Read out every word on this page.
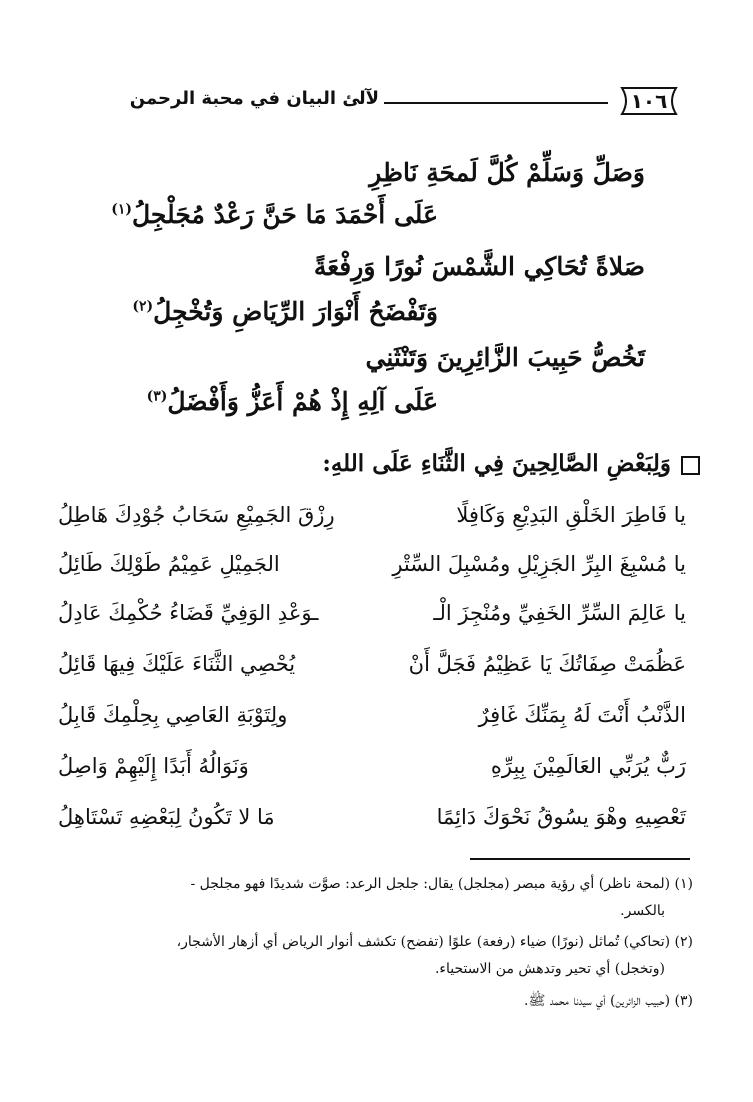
لآلئ البيان في محبة الرحمن	١٠٦
وَصَلِّ وَسَلِّمْ كُلَّ لَمحَةِ نَاظِرِ
عَلَى أَحْمَدَ مَا حَنَّ رَعْدٌ مُجَلْجِلُ$^{(١)}$
صَلاةً تُحَاكِي الشَّمْسَ نُورًا وَرِفْعَةً
وَتَفْضَحُ أَنْوَارَ الرِّيَاضِ وَتُخْجِلُ$^{(٢)}$
تَخُصُّ حَبِيبَ الزَّائِرِينَ وَتَنْثَنِي
عَلَى آلِهِ إِذْ هُمْ أَعَزُّ وَأَفْضَلُ$^{(٣)}$
وَلِبَعْضِ الصَّالِحِينَ فِي الثَّنَاءِ عَلَى اللهِ:
يا فَاطِرَ الخَلْقِ البَدِيْعِ وَكَافِلًا
رِزْقَ الجَمِيْعِ سَحَابُ جُوْدِكَ هَاطِلُ
يا مُسْبِغَ البِرِّ الجَزِيْلِ ومُسْبِلَ السِّتْرِ
الجَمِيْلِ عَمِيْمُ طَوْلِكَ طَائِلُ
يا عَالِمَ السِّرِّ الخَفِيِّ ومُنْجِزَ الْـ
ـوَعْدِ الوَفِيِّ قَضَاءُ حُكْمِكَ عَادِلُ
عَظُمَتْ صِفَاتُكَ يَا عَظِيْمُ فَجَلَّ أَنْ
يُحْصِي الثَّنَاءَ عَلَيْكَ فِيهَا قَائِلُ
الذَّنْبُ أَنْتَ لَهُ بِمَنِّكَ غَافِرٌ
ولِتَوْبَةِ العَاصِي بِحِلْمِكَ قَابِلُ
رَبٌّ يُرَبِّي العَالَمِيْنَ بِبِرِّهِ
وَنَوَالُهُ أَبَدًا إِلَيْهِمْ وَاصِلُ
تَعْصِيهِ وهْوَ يسُوقُ نَحْوَكَ دَائِمًا
مَا لا تَكُونُ لِبَعْضِهِ تَسْتَاهِلُ
(١) (لمحة ناظر) أي رؤية مبصر (مجلجل) يقال: جلجل الرعد: صوَّت شديدًا فهو مجلجل -
بالكسر.
(٢) (تحاكي) تُماثل (نورًا) ضياء (رفعة) علوًا (تفضح) تكشف أنوار الرياض أي أزهار الأشجار،
(وتخجل) أي تحير وتدهش من الاستحياء.
(٣) (حبيب الزائرين) أي سيدنا محمد ﷺ.
